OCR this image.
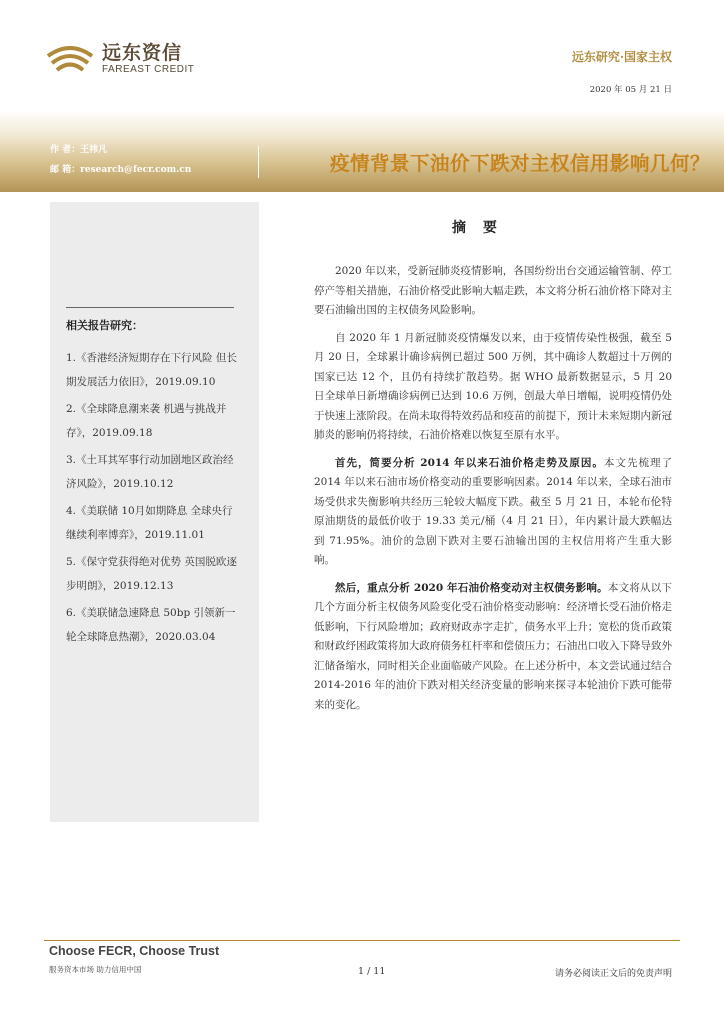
远东资信
FAREAST CREDIT
远东研究·国家主权
2020 年 05 月 21 日
作 者：王祎凡
邮 箱：research@fecr.com.cn	疫情背景下油价下跌对主权信用影响几何？
相关报告研究：
1.《香港经济短期存在下行风险 但长期发展活力依旧》，2019.09.10
2.《全球降息潮来袭 机遇与挑战并存》，2019.09.18
3.《土耳其军事行动加剧地区政治经济风险》，2019.10.12
4.《美联储 10月如期降息 全球央行继续利率博弈》，2019.11.01
5.《保守党获得绝对优势 英国脱欧逐步明朗》，2019.12.13
6.《美联储急速降息 50bp 引领新一轮全球降息热潮》，2020.03.04
摘 要

2020 年以来，受新冠肺炎疫情影响，各国纷纷出台交通运输管制、停工停产等相关措施，石油价格受此影响大幅走跌，本文将分析石油价格下降对主要石油输出国的主权债务风险影响。

自 2020 年 1 月新冠肺炎疫情爆发以来，由于疫情传染性极强，截至 5 月 20 日，全球累计确诊病例已超过 500 万例，其中确诊人数超过十万例的国家已达 12 个，且仍有持续扩散趋势。据 WHO 最新数据显示，5 月 20 日全球单日新增确诊病例已达到 10.6 万例，创最大单日增幅，说明疫情仍处于快速上涨阶段。在尚未取得特效药品和疫苗的前提下，预计未来短期内新冠肺炎的影响仍将持续，石油价格难以恢复至原有水平。

首先，简要分析 2014 年以来石油价格走势及原因。本文先梳理了 2014 年以来石油市场价格变动的重要影响因素。2014 年以来，全球石油市场受供求失衡影响共经历三轮较大幅度下跌。截至 5 月 21 日，本轮布伦特原油期货的最低价收于 19.33 美元/桶（4 月 21 日），年内累计最大跌幅达到 71.95%。油价的急剧下跌对主要石油输出国的主权信用将产生重大影响。

然后，重点分析 2020 年石油价格变动对主权债务影响。本文将从以下几个方面分析主权债务风险变化受石油价格变动影响：经济增长受石油价格走低影响，下行风险增加；政府财政赤字走扩，债务水平上升；宽松的货币政策和财政纾困政策将加大政府债务杠杆率和偿债压力；石油出口收入下降导致外汇储备缩水，同时相关企业面临破产风险。在上述分析中，本文尝试通过结合 2014-2016 年的油价下跌对相关经济变量的影响来探寻本轮油价下跌可能带来的变化。

Choose FECR, Choose Trust
服务资本市场 助力信用中国	1 / 11	请务必阅读正文后的免责声明
